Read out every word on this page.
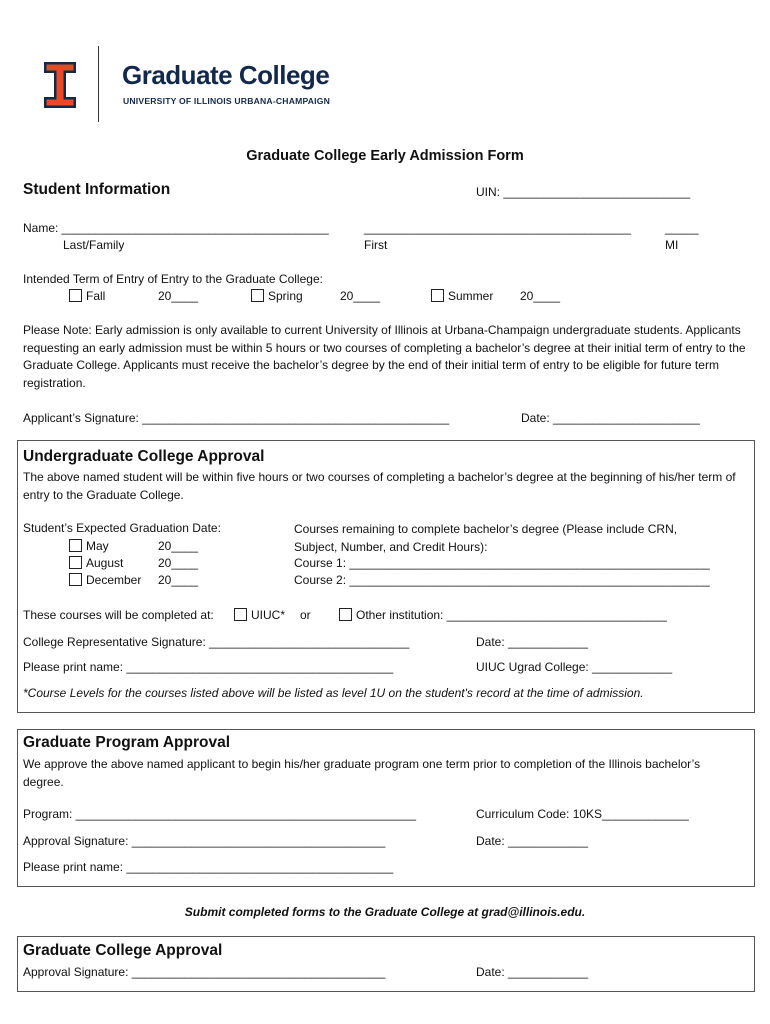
Graduate College
UNIVERSITY OF ILLINOIS URBANA-CHAMPAIGN
Graduate College Early Admission Form
Student Information	UIN: ____________________________
Name: ________________________________________	________________________________________	_____
Last/Family	First	MI
Intended Term of Entry of Entry to the Graduate College:
Fall	20____	Spring	20____	Summer 20____
Please Note: Early admission is only available to current University of Illinois at Urbana-Champaign undergraduate students. Applicants requesting an early admission must be within 5 hours or two courses of completing a bachelor’s degree at their initial term of entry to the Graduate College. Applicants must receive the bachelor’s degree by the end of their initial term of entry to be eligible for future term registration.
Applicant’s Signature: ______________________________________________	Date: ______________________
Undergraduate College Approval
The above named student will be within five hours or two courses of completing a bachelor’s degree at the beginning of his/her term of entry to the Graduate College.
Student’s Expected Graduation Date:
May	20____
August	20____
December 20____
Courses remaining to complete bachelor’s degree (Please include CRN, Subject, Number, and Credit Hours):
Course 1: ______________________________________________________
Course 2: ______________________________________________________
These courses will be completed at:	UIUC* or	Other institution: _________________________________
College Representative Signature: ______________________________	Date: ____________
Please print name: ________________________________________	UIUC Ugrad College: ____________
*Course Levels for the courses listed above will be listed as level 1U on the student's record at the time of admission.
Graduate Program Approval
We approve the above named applicant to begin his/her graduate program one term prior to completion of the Illinois bachelor’s degree.
Program: ___________________________________________________	Curriculum Code: 10KS_____________
Approval Signature: ______________________________________	Date: ____________
Please print name: ________________________________________
Submit completed forms to the Graduate College at grad@illinois.edu.
Graduate College Approval
Approval Signature: ______________________________________	Date: ____________
